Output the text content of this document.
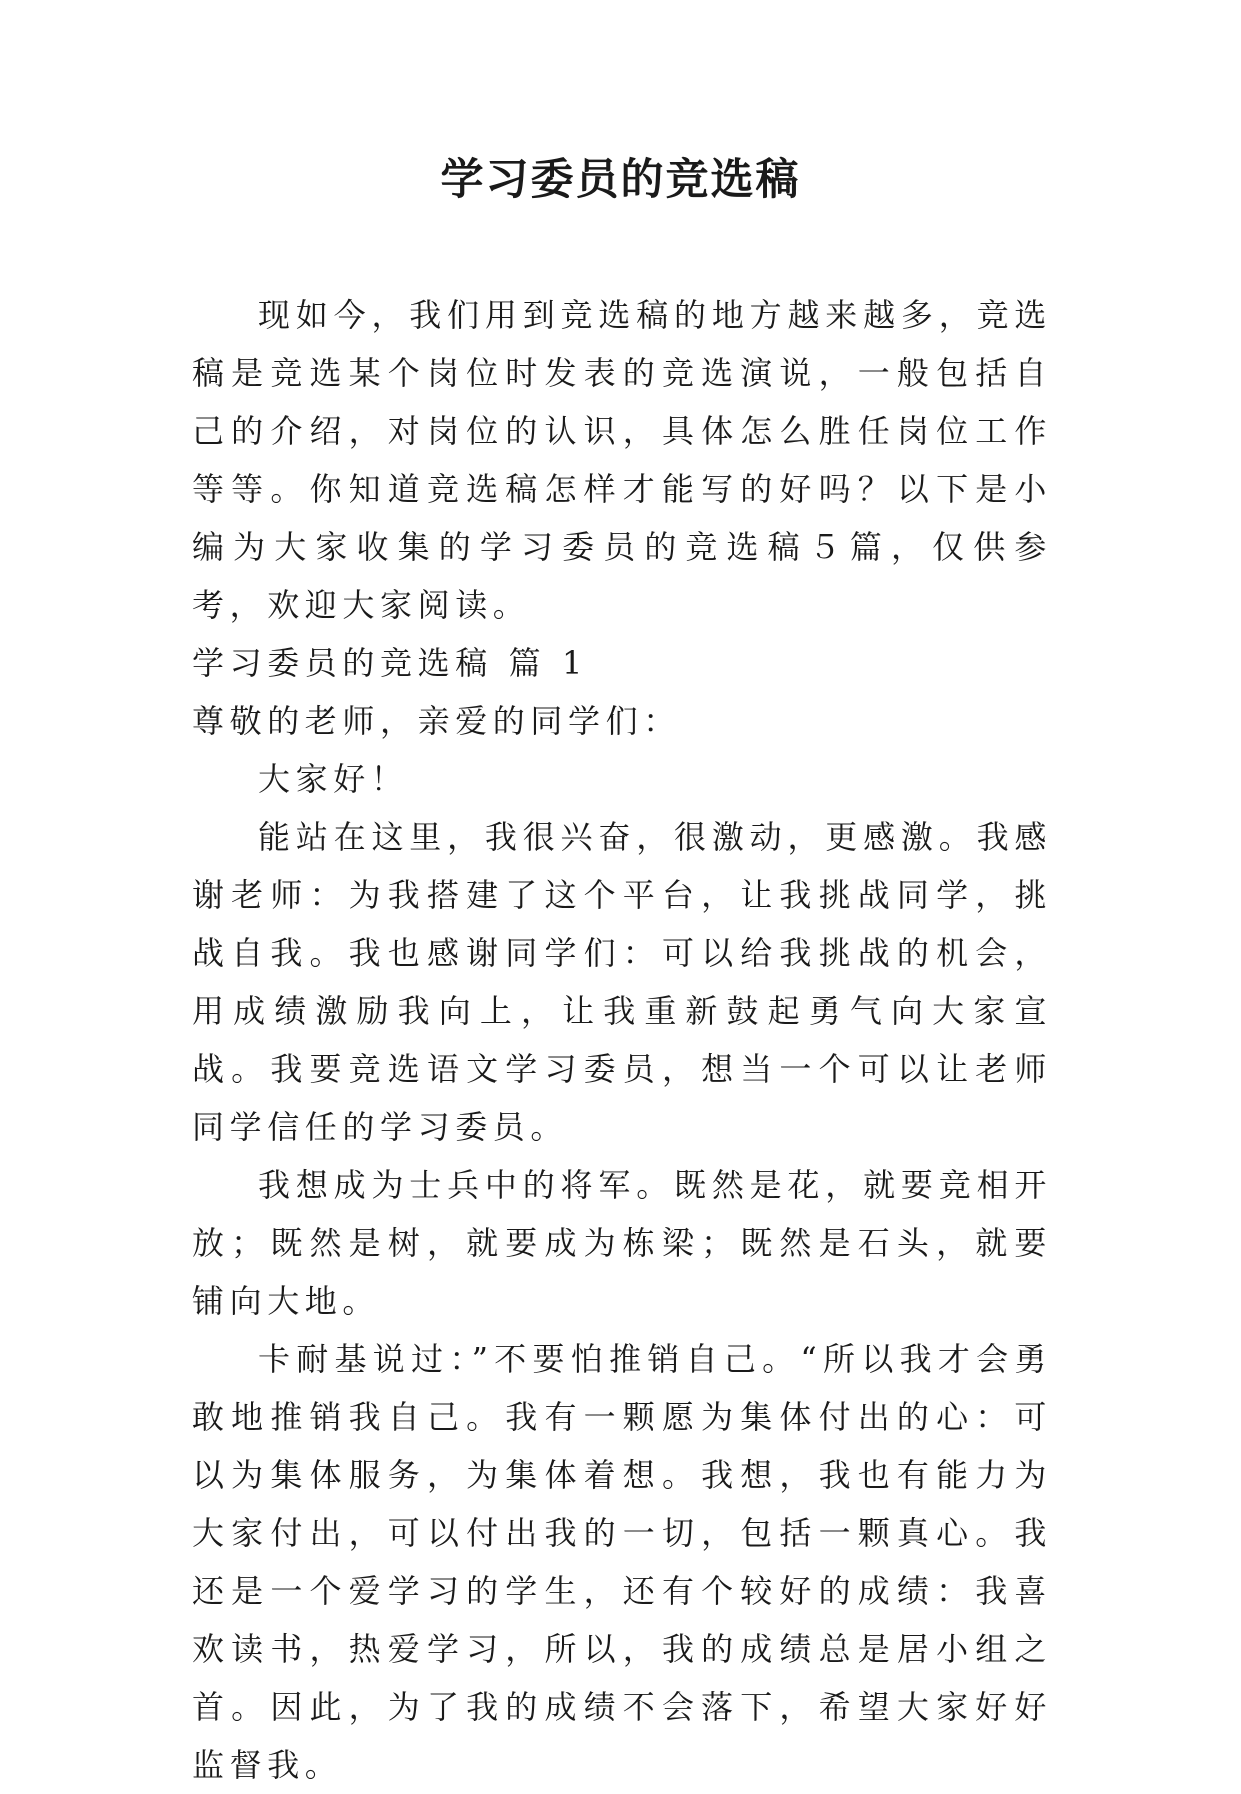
学习委员的竞选稿

现如今，我们用到竞选稿的地方越来越多，竞选稿是竞选某个岗位时发表的竞选演说，一般包括自己的介绍，对岗位的认识，具体怎么胜任岗位工作等等。你知道竞选稿怎样才能写的好吗？以下是小编为大家收集的学习委员的竞选稿５篇，仅供参考，欢迎大家阅读。

学习委员的竞选稿 篇 1

尊敬的老师，亲爱的同学们：

大家好！

能站在这里，我很兴奋，很激动，更感激。我感谢老师：为我搭建了这个平台，让我挑战同学，挑战自我。我也感谢同学们：可以给我挑战的机会，用成绩激励我向上，让我重新鼓起勇气向大家宣战。我要竞选语文学习委员，想当一个可以让老师同学信任的学习委员。

我想成为士兵中的将军。既然是花，就要竞相开放；既然是树，就要成为栋梁；既然是石头，就要铺向大地。

卡耐基说过：”不要怕推销自己。“所以我才会勇敢地推销我自己。我有一颗愿为集体付出的心：可以为集体服务，为集体着想。我想，我也有能力为大家付出，可以付出我的一切，包括一颗真心。我还是一个爱学习的学生，还有个较好的成绩：我喜欢读书，热爱学习，所以，我的成绩总是居小组之首。因此，为了我的成绩不会落下，希望大家好好监督我。
